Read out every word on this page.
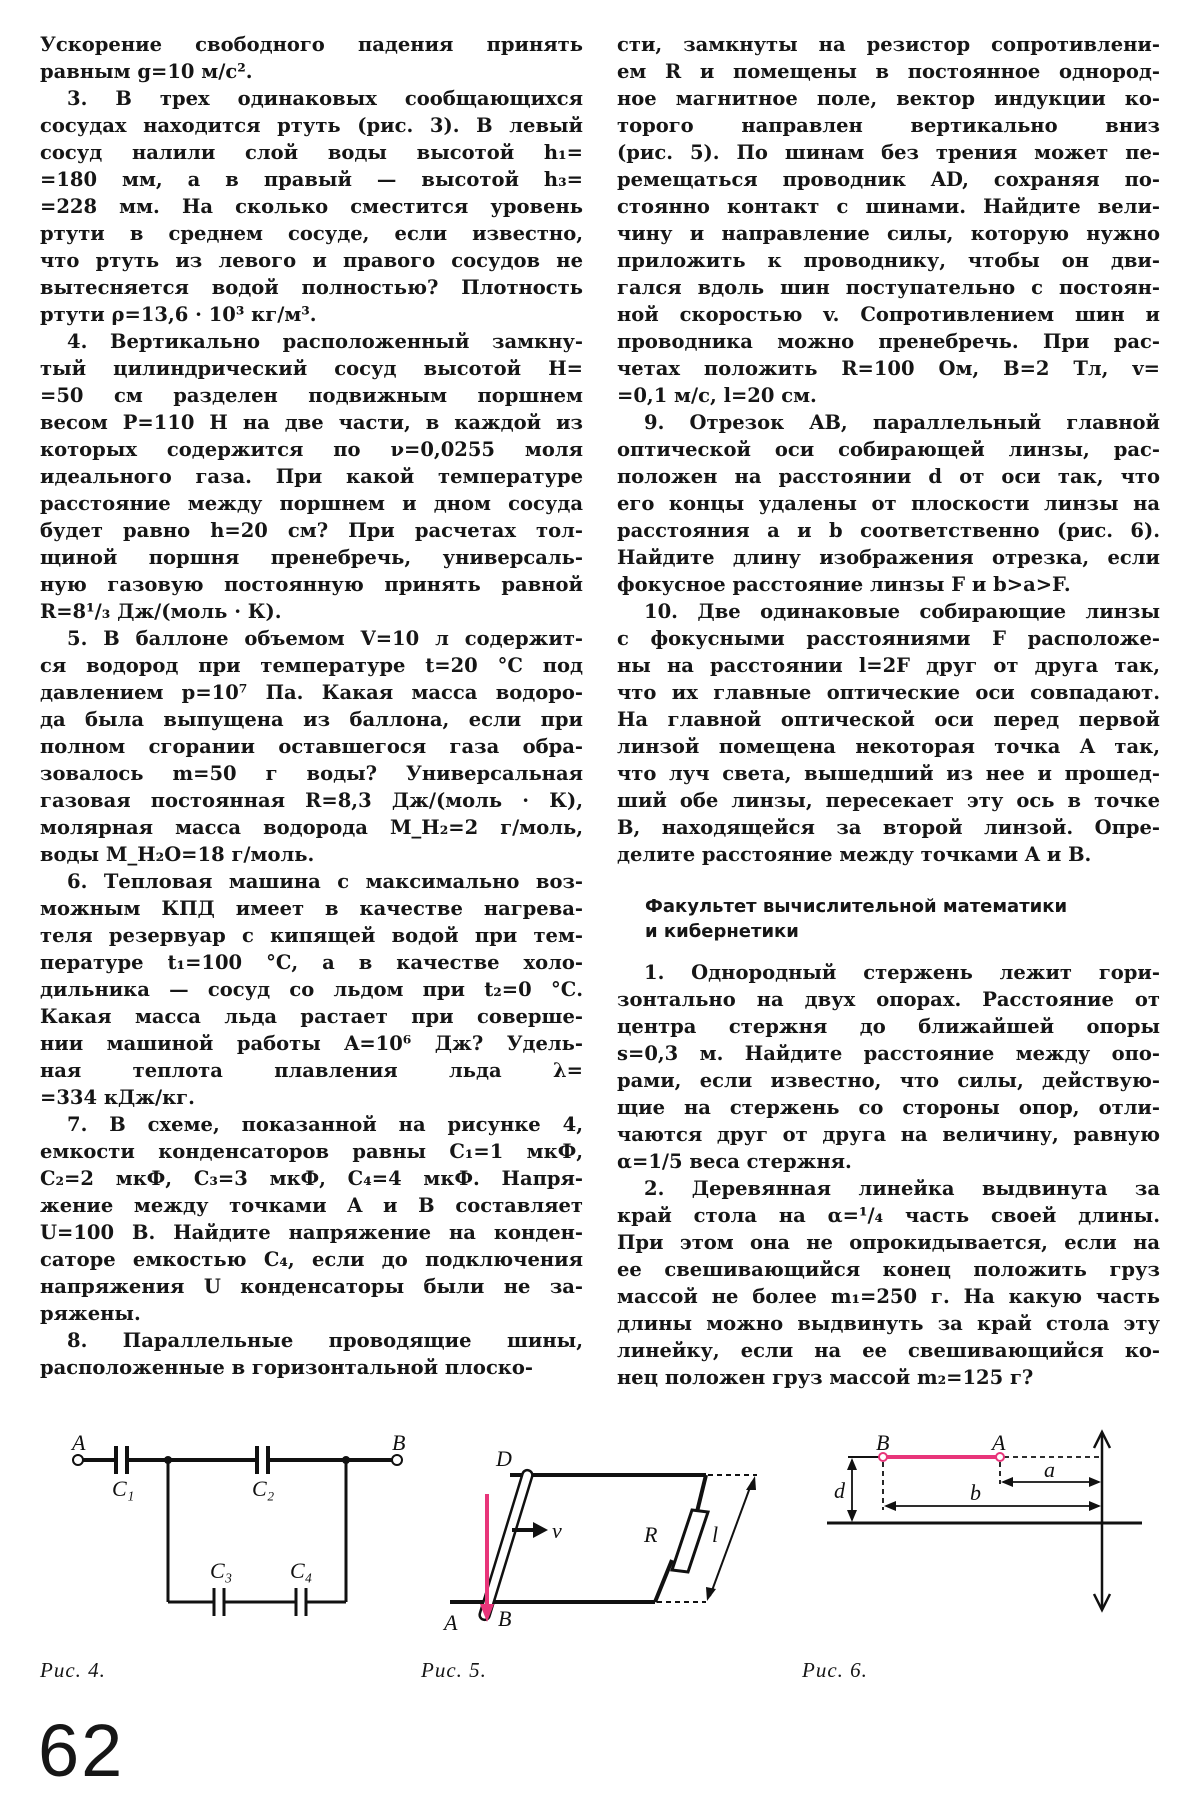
Ускорение свободного падения принять
равным g=10 м/с².
3. В трех одинаковых сообщающихся
сосудах находится ртуть (рис. 3). В левый
сосуд налили слой воды высотой h₁=
=180 мм, а в правый — высотой h₃=
=228 мм. На сколько сместится уровень
ртути в среднем сосуде, если известно,
что ртуть из левого и правого сосудов не
вытесняется водой полностью? Плотность
ртути ρ=13,6 · 10³ кг/м³.
4. Вертикально расположенный замкну-
тый цилиндрический сосуд высотой H=
=50 см разделен подвижным поршнем
весом P=110 Н на две части, в каждой из
которых содержится по ν=0,0255 моля
идеального газа. При какой температуре
расстояние между поршнем и дном сосуда
будет равно h=20 см? При расчетах тол-
щиной поршня пренебречь, универсаль-
ную газовую постоянную принять равной
R=8¹/₃ Дж/(моль · К).
5. В баллоне объемом V=10 л содержит-
ся водород при температуре t=20 °С под
давлением p=10⁷ Па. Какая масса водоро-
да была выпущена из баллона, если при
полном сгорании оставшегося газа обра-
зовалось m=50 г воды? Универсальная
газовая постоянная R=8,3 Дж/(моль · К),
молярная масса водорода M_H₂=2 г/моль,
воды M_H₂O=18 г/моль.
6. Тепловая машина с максимально воз-
можным КПД имеет в качестве нагрева-
теля резервуар с кипящей водой при тем-
пературе t₁=100 °С, а в качестве холо-
дильника — сосуд со льдом при t₂=0 °С.
Какая масса льда растает при соверше-
нии машиной работы A=10⁶ Дж? Удель-
ная теплота плавления льда λ=
=334 кДж/кг.
7. В схеме, показанной на рисунке 4,
емкости конденсаторов равны C₁=1 мкФ,
C₂=2 мкФ, C₃=3 мкФ, C₄=4 мкФ. Напря-
жение между точками A и B составляет
U=100 В. Найдите напряжение на конден-
саторе емкостью C₄, если до подключения
напряжения U конденсаторы были не за-
ряжены.
8. Параллельные проводящие шины,
расположенные в горизонтальной плоско-
сти, замкнуты на резистор сопротивлени-
ем R и помещены в постоянное однород-
ное магнитное поле, вектор индукции ко-
торого направлен вертикально вниз
(рис. 5). По шинам без трения может пе-
ремещаться проводник AD, сохраняя по-
стоянно контакт с шинами. Найдите вели-
чину и направление силы, которую нужно
приложить к проводнику, чтобы он дви-
гался вдоль шин поступательно с постоян-
ной скоростью v. Сопротивлением шин и
проводника можно пренебречь. При рас-
четах положить R=100 Ом, B=2 Тл, v=
=0,1 м/с, l=20 см.
9. Отрезок AB, параллельный главной
оптической оси собирающей линзы, рас-
положен на расстоянии d от оси так, что
его концы удалены от плоскости линзы на
расстояния a и b соответственно (рис. 6).
Найдите длину изображения отрезка, если
фокусное расстояние линзы F и b>a>F.
10. Две одинаковые собирающие линзы
с фокусными расстояниями F расположе-
ны на расстоянии l=2F друг от друга так,
что их главные оптические оси совпадают.
На главной оптической оси перед первой
линзой помещена некоторая точка A так,
что луч света, вышедший из нее и прошед-
ший обе линзы, пересекает эту ось в точке
B, находящейся за второй линзой. Опре-
делите расстояние между точками A и B.
Факультет вычислительной математики
и кибернетики
1. Однородный стержень лежит гори-
зонтально на двух опорах. Расстояние от
центра стержня до ближайшей опоры
s=0,3 м. Найдите расстояние между опо-
рами, если известно, что силы, действую-
щие на стержень со стороны опор, отли-
чаются друг от друга на величину, равную
α=1/5 веса стержня.
2. Деревянная линейка выдвинута за
край стола на α=¹/₄ часть своей длины.
При этом она не опрокидывается, если на
ее свешивающийся конец положить груз
массой не более m₁=250 г. На какую часть
длины можно выдвинуть за край стола эту
линейку, если на ее свешивающийся ко-
нец положен груз массой m₂=125 г?
A	B
C₁	C₂
C₃	C₄
D
A B
v	R l
B	A
a
b
d
Рис. 4.	Рис. 5.	Рис. 6.
62
